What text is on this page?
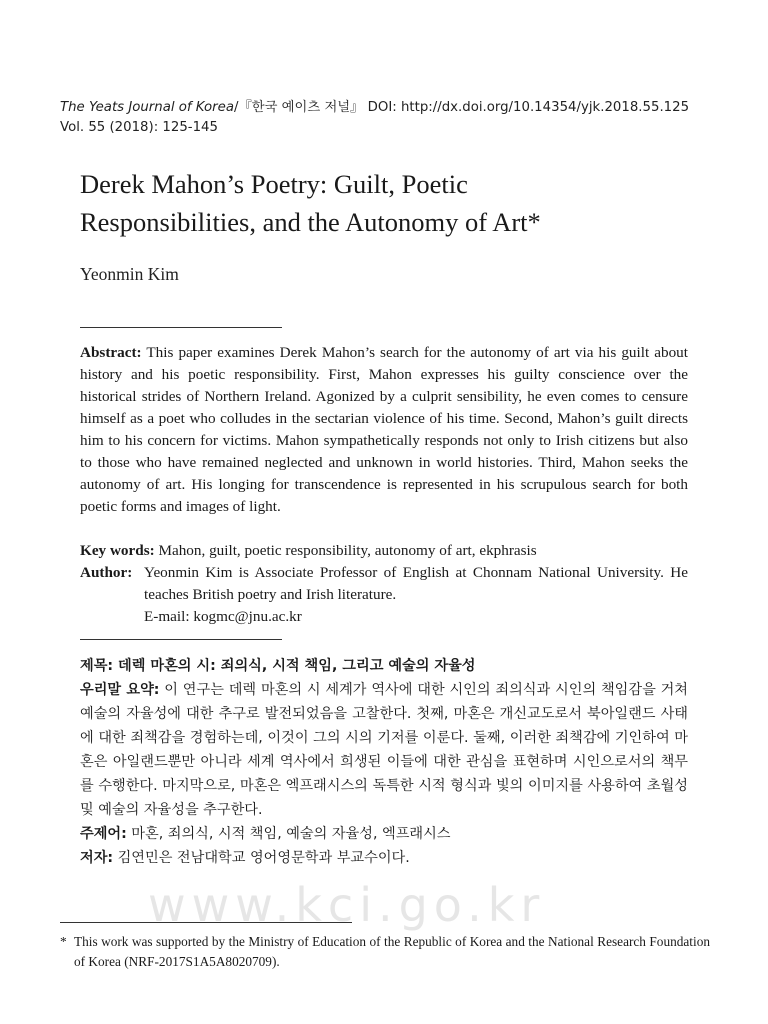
The Yeats Journal of Korea/『한국 예이츠 저널』 DOI: http://dx.doi.org/10.14354/yjk.2018.55.125
Vol. 55 (2018): 125-145
Derek Mahon’s Poetry: Guilt, Poetic
Responsibilities, and the Autonomy of Art*
Yeonmin Kim
Abstract: This paper examines Derek Mahon’s search for the autonomy of art via his guilt about history and his poetic responsibility. First, Mahon expresses his guilty conscience over the historical strides of Northern Ireland. Agonized by a culprit sensibility, he even comes to censure himself as a poet who colludes in the sectarian violence of his time. Second, Mahon’s guilt directs him to his concern for victims. Mahon sympathetically responds not only to Irish citizens but also to those who have remained neglected and unknown in world histories. Third, Mahon seeks the autonomy of art. His longing for transcendence is represented in his scrupulous search for both poetic forms and images of light.
Key words: Mahon, guilt, poetic responsibility, autonomy of art, ekphrasis
Author: Yeonmin Kim is Associate Professor of English at Chonnam National University. He teaches British poetry and Irish literature.
E-mail: kogmc@jnu.ac.kr
제목: 데렉 마혼의 시: 죄의식, 시적 책임, 그리고 예술의 자율성
우리말 요약: 이 연구는 데렉 마혼의 시 세계가 역사에 대한 시인의 죄의식과 시인의 책임감을 거쳐 예술의 자율성에 대한 추구로 발전되었음을 고찰한다. 첫째, 마혼은 개신교도로서 북아일랜드 사태에 대한 죄책감을 경험하는데, 이것이 그의 시의 기저를 이룬다. 둘째, 이러한 죄책감에 기인하여 마혼은 아일랜드뿐만 아니라 세계 역사에서 희생된 이들에 대한 관심을 표현하며 시인으로서의 책무를 수행한다. 마지막으로, 마혼은 엑프래시스의 독특한 시적 형식과 빛의 이미지를 사용하여 초월성 및 예술의 자율성을 추구한다.
주제어: 마혼, 죄의식, 시적 책임, 예술의 자율성, 엑프래시스
저자: 김연민은 전남대학교 영어영문학과 부교수이다.
www.kci.go.kr
* This work was supported by the Ministry of Education of the Republic of Korea and the National Research Foundation of Korea (NRF-2017S1A5A8020709).
